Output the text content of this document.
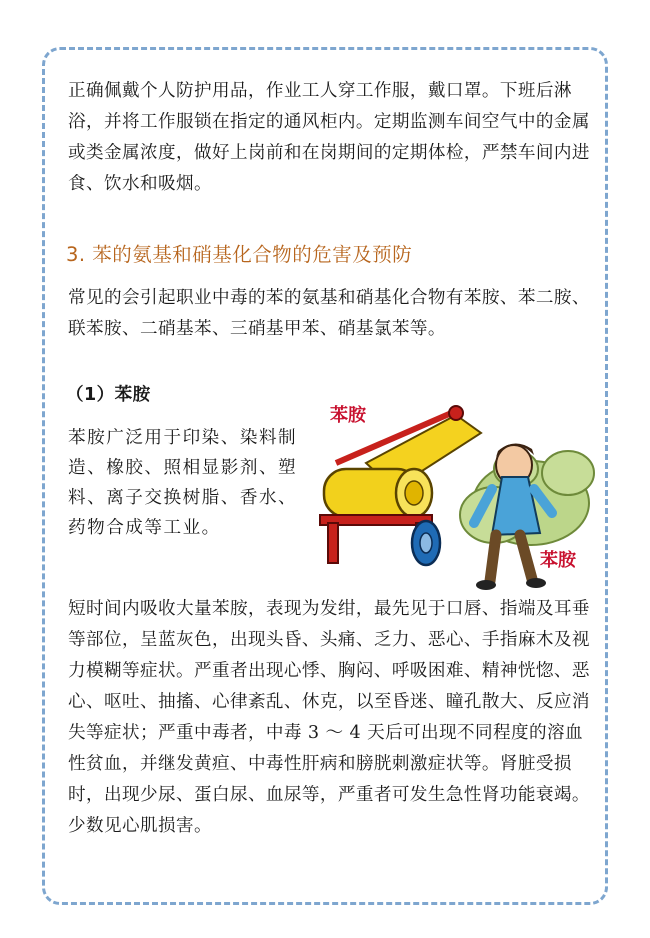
正确佩戴个人防护用品，作业工人穿工作服，戴口罩。下班后淋浴，并将工作服锁在指定的通风柜内。定期监测车间空气中的金属或类金属浓度，做好上岗前和在岗期间的定期体检，严禁车间内进食、饮水和吸烟。

3. 苯的氨基和硝基化合物的危害及预防

常见的会引起职业中毒的苯的氨基和硝基化合物有苯胺、苯二胺、联苯胺、二硝基苯、三硝基甲苯、硝基氯苯等。

（1）苯胺

苯胺广泛用于印染、染料制造、橡胶、照相显影剂、塑料、离子交换树脂、香水、药物合成等工业。

苯胺
苯胺

短时间内吸收大量苯胺，表现为发绀，最先见于口唇、指端及耳垂等部位，呈蓝灰色，出现头昏、头痛、乏力、恶心、手指麻木及视力模糊等症状。严重者出现心悸、胸闷、呼吸困难、精神恍惚、恶心、呕吐、抽搐、心律紊乱、休克，以至昏迷、瞳孔散大、反应消失等症状；严重中毒者，中毒 3 ～ 4 天后可出现不同程度的溶血性贫血，并继发黄疸、中毒性肝病和膀胱刺激症状等。肾脏受损时，出现少尿、蛋白尿、血尿等，严重者可发生急性肾功能衰竭。少数见心肌损害。
